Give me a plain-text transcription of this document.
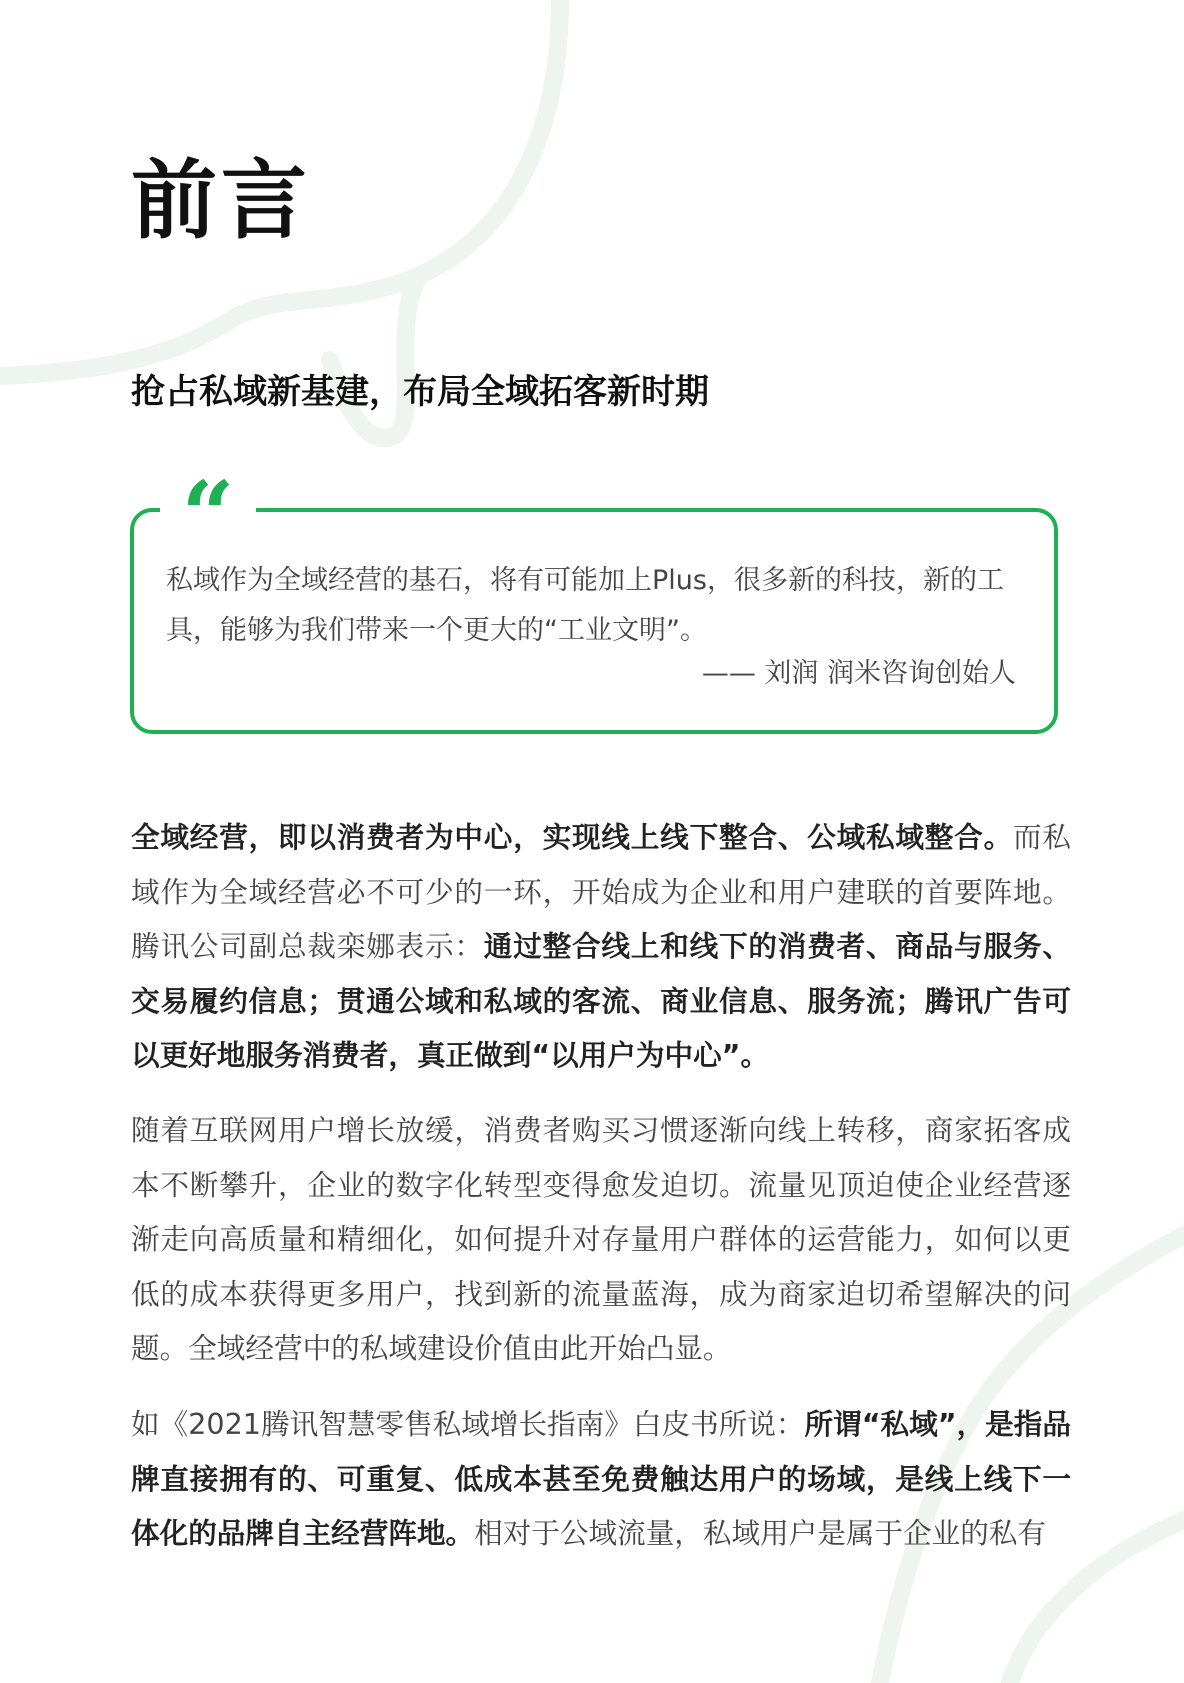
前言
抢占私域新基建，布局全域拓客新时期
“

私域作为全域经营的基石，将有可能加上Plus，很多新的科技，新的工具，能够为我们带来一个更大的“工业文明”。

—— 刘润 润米咨询创始人

全域经营，即以消费者为中心，实现线上线下整合、公域私域整合。而私域作为全域经营必不可少的一环，开始成为企业和用户建联的首要阵地。腾讯公司副总裁栾娜表示：通过整合线上和线下的消费者、商品与服务、交易履约信息；贯通公域和私域的客流、商业信息、服务流；腾讯广告可以更好地服务消费者，真正做到“以用户为中心”。

随着互联网用户增长放缓，消费者购买习惯逐渐向线上转移，商家拓客成本不断攀升，企业的数字化转型变得愈发迫切。流量见顶迫使企业经营逐渐走向高质量和精细化，如何提升对存量用户群体的运营能力，如何以更低的成本获得更多用户，找到新的流量蓝海，成为商家迫切希望解决的问题。全域经营中的私域建设价值由此开始凸显。

如《2021腾讯智慧零售私域增长指南》白皮书所说：所谓“私域”，是指品牌直接拥有的、可重复、低成本甚至免费触达用户的场域，是线上线下一体化的品牌自主经营阵地。相对于公域流量，私域用户是属于企业的私有
